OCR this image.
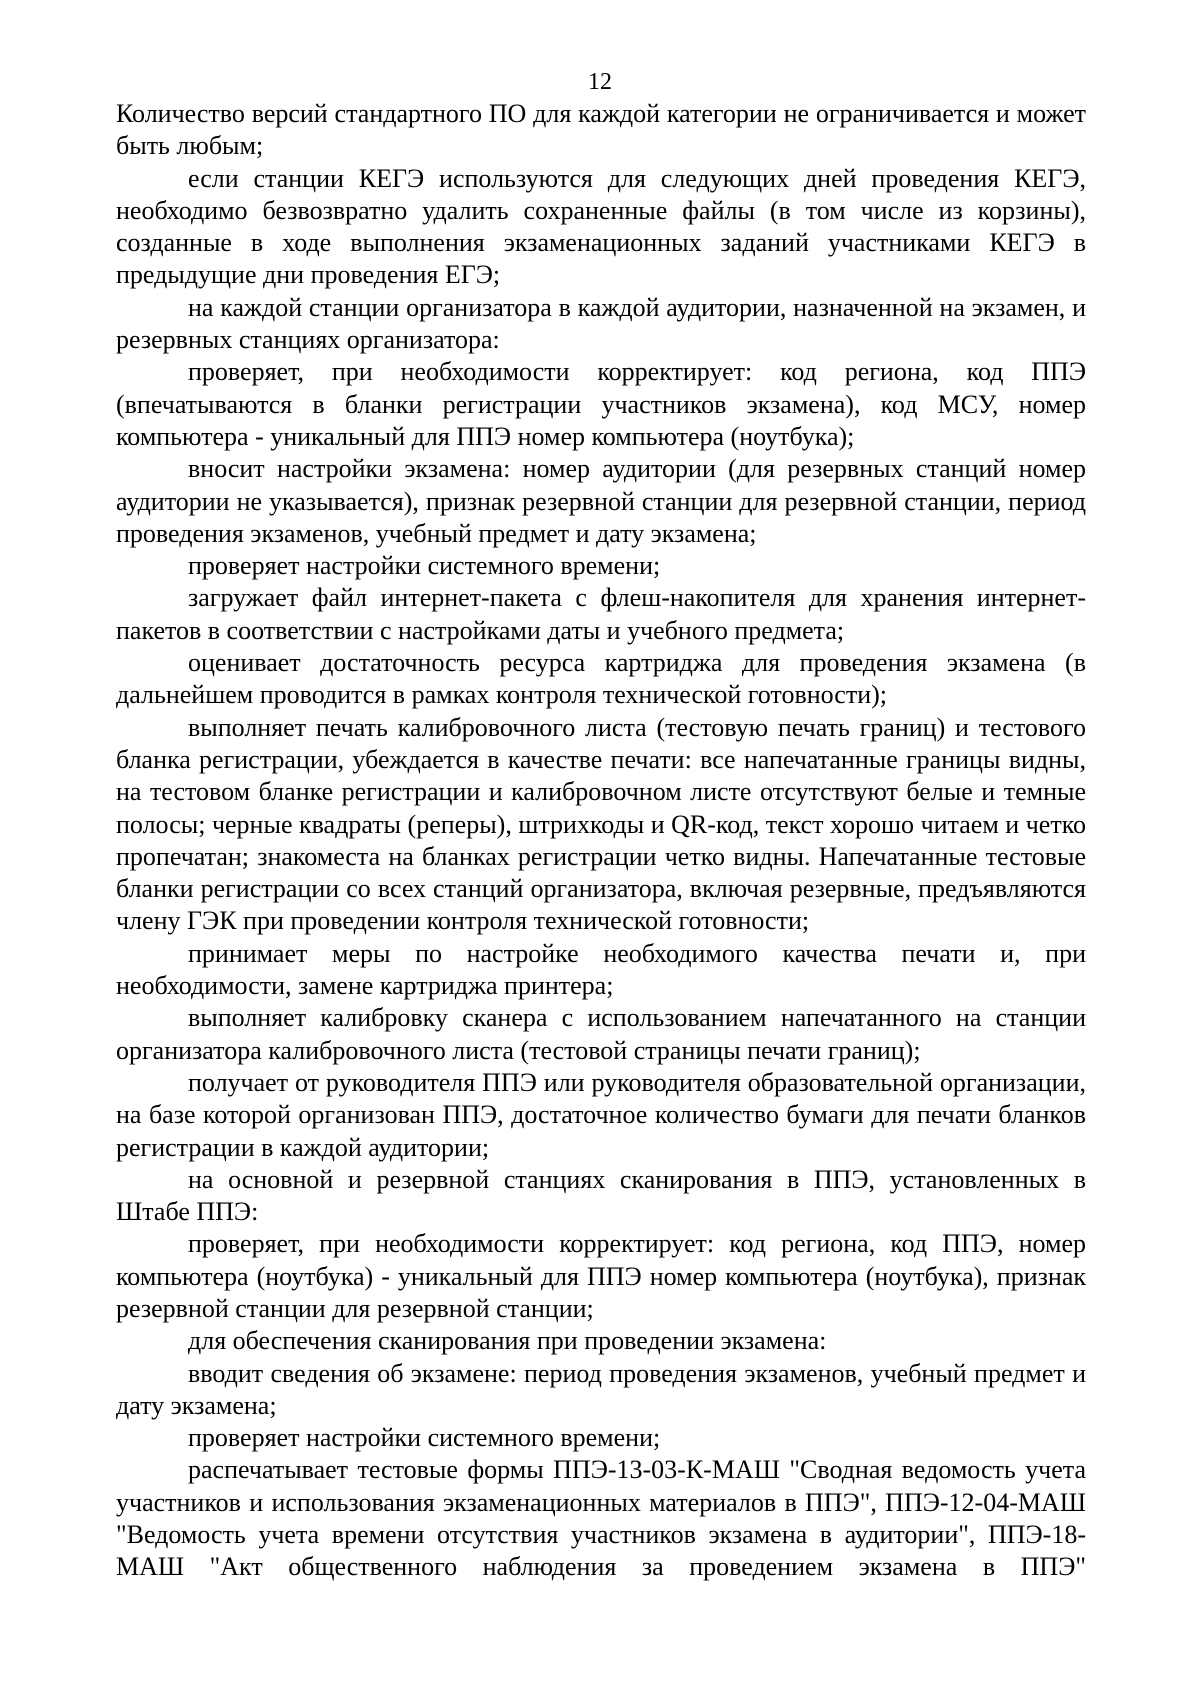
12

Количество версий стандартного ПО для каждой категории не ограничивается и может быть любым;

если станции КЕГЭ используются для следующих дней проведения КЕГЭ, необходимо безвозвратно удалить сохраненные файлы (в том числе из корзины), созданные в ходе выполнения экзаменационных заданий участниками КЕГЭ в предыдущие дни проведения ЕГЭ;

на каждой станции организатора в каждой аудитории, назначенной на экзамен, и резервных станциях организатора:

проверяет, при необходимости корректирует: код региона, код ППЭ (впечатываются в бланки регистрации участников экзамена), код МСУ, номер компьютера - уникальный для ППЭ номер компьютера (ноутбука);

вносит настройки экзамена: номер аудитории (для резервных станций номер аудитории не указывается), признак резервной станции для резервной станции, период проведения экзаменов, учебный предмет и дату экзамена;

проверяет настройки системного времени;

загружает файл интернет-пакета с флеш-накопителя для хранения интернет-пакетов в соответствии с настройками даты и учебного предмета;

оценивает достаточность ресурса картриджа для проведения экзамена (в дальнейшем проводится в рамках контроля технической готовности);

выполняет печать калибровочного листа (тестовую печать границ) и тестового бланка регистрации, убеждается в качестве печати: все напечатанные границы видны, на тестовом бланке регистрации и калибровочном листе отсутствуют белые и темные полосы; черные квадраты (реперы), штрихкоды и QR-код, текст хорошо читаем и четко пропечатан; знакоместа на бланках регистрации четко видны. Напечатанные тестовые бланки регистрации со всех станций организатора, включая резервные, предъявляются члену ГЭК при проведении контроля технической готовности;

принимает меры по настройке необходимого качества печати и, при необходимости, замене картриджа принтера;

выполняет калибровку сканера с использованием напечатанного на станции организатора калибровочного листа (тестовой страницы печати границ);

получает от руководителя ППЭ или руководителя образовательной организации, на базе которой организован ППЭ, достаточное количество бумаги для печати бланков регистрации в каждой аудитории;

на основной и резервной станциях сканирования в ППЭ, установленных в Штабе ППЭ:

проверяет, при необходимости корректирует: код региона, код ППЭ, номер компьютера (ноутбука) - уникальный для ППЭ номер компьютера (ноутбука), признак резервной станции для резервной станции;

для обеспечения сканирования при проведении экзамена:

вводит сведения об экзамене: период проведения экзаменов, учебный предмет и дату экзамена;

проверяет настройки системного времени;

распечатывает тестовые формы ППЭ-13-03-К-МАШ "Сводная ведомость учета участников и использования экзаменационных материалов в ППЭ", ППЭ-12-04-МАШ "Ведомость учета времени отсутствия участников экзамена в аудитории", ППЭ-18-МАШ "Акт общественного наблюдения за проведением экзамена в ППЭ"
